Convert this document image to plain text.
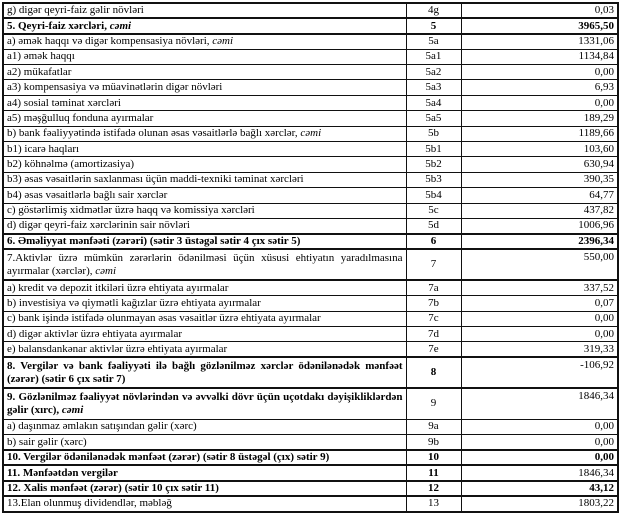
g) digər qeyri-faiz gəlir növləri	4g	0,03
5. Qeyri-faiz xərcləri, cəmi	5	3965,50
a) əmək haqqı və digər kompensasiya növləri, cəmi	5a	1331,06
a1) əmək haqqı	5a1	1134,84
a2) mükafatlar	5a2	0,00
a3) kompensasiya və müavinətlərin digər növləri	5a3	6,93
a4) sosial təminat xərcləri	5a4	0,00
a5) məşğulluq fonduna ayırmalar	5a5	189,29
b) bank fəaliyyətində istifadə olunan əsas vəsaitlərlə bağlı xərclər, cəmi	5b	1189,66
b1) icarə haqları	5b1	103,60
b2) köhnəlmə (amortizasiya)	5b2	630,94
b3) əsas vəsaitlərin saxlanması üçün maddi-texniki təminat xərcləri	5b3	390,35
b4) əsas vəsaitlərlə bağlı sair xərclər	5b4	64,77
c) göstərlimiş xidmətlər üzrə haqq və komissiya xərcləri	5c	437,82
d) digər qeyri-faiz xərclərinin sair növləri	5d	1006,96
6. Əməliyyat mənfəəti (zərəri) (sətir 3 üstəgəl sətir 4 çıx sətir 5)	6	2396,34
7.Aktivlər üzrə mümkün zərərlərin ödənilməsi üçün xüsusi ehtiyatın yaradılmasına ayırmalar (xərclər), cəmi	7	550,00
a) kredit və depozit itkiləri üzrə ehtiyata ayırmalar	7a	337,52
b) investisiya və qiymətli kağızlar üzrə ehtiyata ayırmalar	7b	0,07
c) bank işində istifadə olunmayan əsas vəsaitlər üzrə ehtiyata ayırmalar	7c	0,00
d) digər aktivlər üzrə ehtiyata ayırmalar	7d	0,00
e) balansdankənar aktivlər üzrə ehtiyata ayırmalar	7e	319,33
8. Vergilər və bank fəaliyyəti ilə bağlı gözlənilməz xərclər ödənilənədək mənfəət (zərər) (sətir 6 çıx sətir 7)	8	-106,92
9. Gözlənilməz fəaliyyət növlərindən və əvvəlki dövr üçün uçotdakı dəyişikliklərdən gəlir (xırc), cəmi	9	1846,34
a) daşınmaz əmlakın satışından gəlir (xərc)	9a	0,00
b) sair gəlir (xərc)	9b	0,00
10. Vergilər ödənilənədək mənfəət (zərər) (sətir 8 üstəgəl (çıx) sətir 9)	10	0,00
11. Mənfəətdən vergilər	11	1846,34
12. Xalis mənfəət (zərər) (sətir 10 çıx sətir 11)	12	43,12
13.Elan olunmuş dividendlər, məbləğ	13	1803,22
